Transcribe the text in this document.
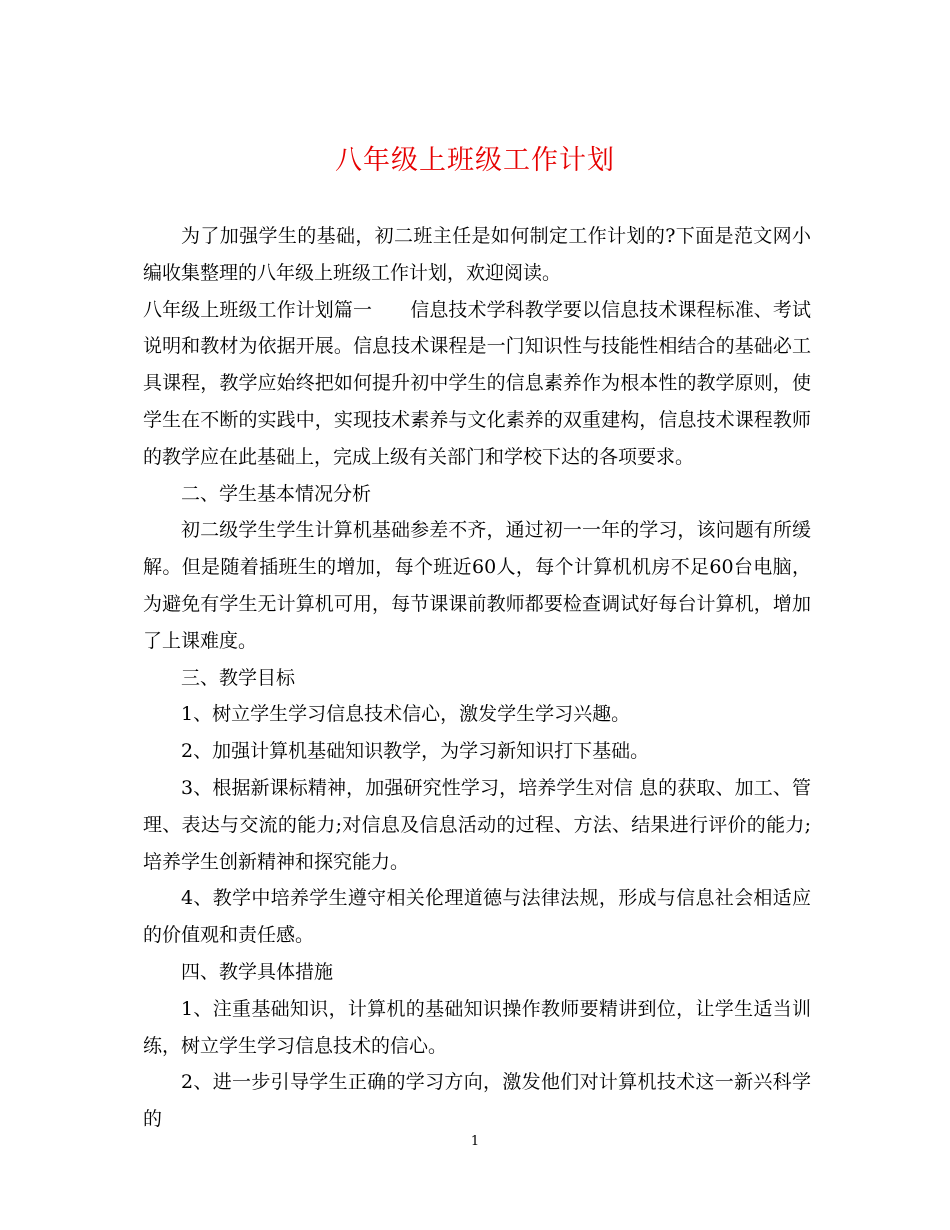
八年级上班级工作计划

为了加强学生的基础，初二班主任是如何制定工作计划的?下面是范文网小编收集整理的八年级上班级工作计划，欢迎阅读。

八年级上班级工作计划篇一　　信息技术学科教学要以信息技术课程标准、考试说明和教材为依据开展。信息技术课程是一门知识性与技能性相结合的基础必工具课程，教学应始终把如何提升初中学生的信息素养作为根本性的教学原则，使学生在不断的实践中，实现技术素养与文化素养的双重建构，信息技术课程教师的教学应在此基础上，完成上级有关部门和学校下达的各项要求。

二、学生基本情况分析

初二级学生学生计算机基础参差不齐，通过初一一年的学习，该问题有所缓解。但是随着插班生的增加，每个班近60人，每个计算机机房不足60台电脑，为避免有学生无计算机可用，每节课课前教师都要检查调试好每台计算机，增加了上课难度。

三、教学目标

1、树立学生学习信息技术信心，激发学生学习兴趣。

2、加强计算机基础知识教学，为学习新知识打下基础。

3、根据新课标精神，加强研究性学习，培养学生对信 息的获取、加工、管理、表达与交流的能力;对信息及信息活动的过程、方法、结果进行评价的能力;培养学生创新精神和探究能力。

4、教学中培养学生遵守相关伦理道德与法律法规，形成与信息社会相适应的价值观和责任感。

四、教学具体措施

1、注重基础知识，计算机的基础知识操作教师要精讲到位，让学生适当训练，树立学生学习信息技术的信心。

2、进一步引导学生正确的学习方向，激发他们对计算机技术这一新兴科学的

1
